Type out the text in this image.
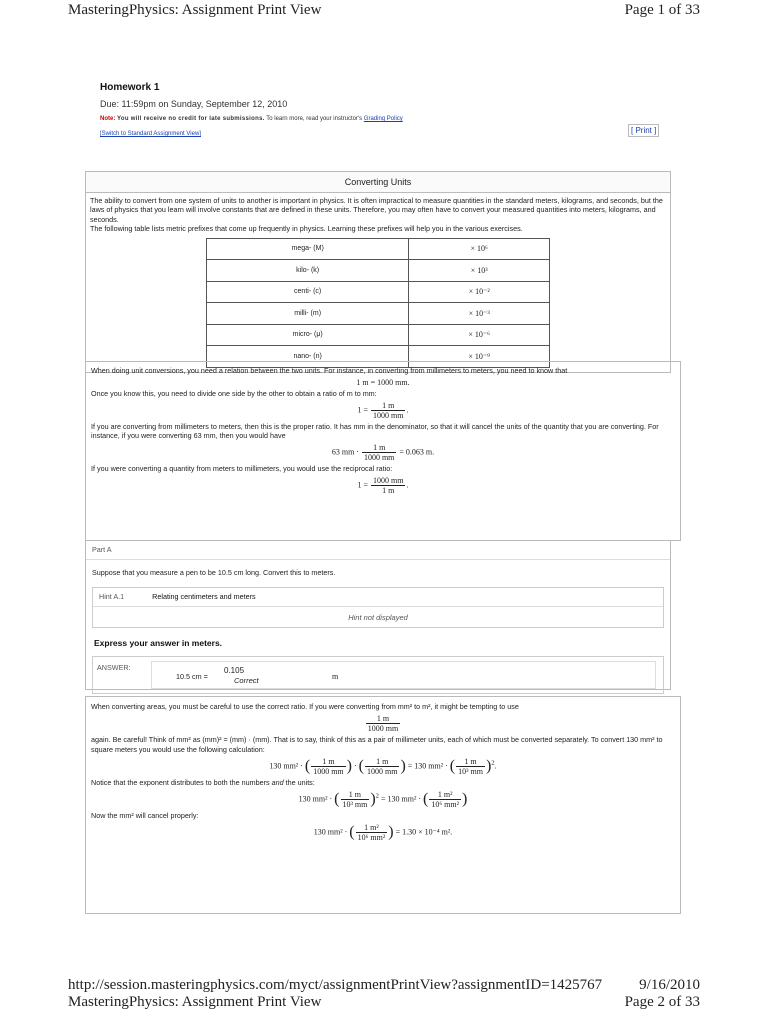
MasteringPhysics: Assignment Print View	Page 1 of 33
Homework 1
Due: 11:59pm on Sunday, September 12, 2010
Note: You will receive no credit for late submissions. To learn more, read your instructor's Grading Policy
[Switch to Standard Assignment View]	[ Print ]
Converting Units
The ability to convert from one system of units to another is important in physics. It is often impractical to measure quantities in the standard meters, kilograms, and seconds, but the laws of physics that you learn will involve constants that are defined in these units. Therefore, you may often have to convert your measured quantities into meters, kilograms, and seconds.
The following table lists metric prefixes that come up frequently in physics. Learning these prefixes will help you in the various exercises.
mega- (M)	× 10⁶
kilo- (k)	× 10³
centi- (c)	× 10⁻²
milli- (m)	× 10⁻³
micro- (μ)	× 10⁻⁶
nano- (n)	× 10⁻⁹

When doing unit conversions, you need a relation between the two units. For instance, in converting from millimeters to meters, you need to know that

1 m = 1000 mm.

Once you know this, you need to divide one side by the other to obtain a ratio of m to mm:

$1 = \frac{1 m}{1000 mm}$ .

If you are converting from millimeters to meters, then this is the proper ratio. It has mm in the denominator, so that it will cancel the units of the quantity that you are converting. For instance, if you were converting 63 mm, then you would have

63 mm · $\frac{1 m}{1000 mm} = 0.063$ m.

If you were converting a quantity from meters to millimeters, you would use the reciprocal ratio:

$1 = \frac{1000 mm}{1 m}$ .
Part A
Suppose that you measure a pen to be 10.5 cm long. Convert this to meters.
Hint A.1	Relating centimeters and meters
Hint not displayed
Express your answer in meters.
ANSWER:
10.5 cm =
0.105
Correct	m

When converting areas, you must be careful to use the correct ratio. If you were converting from mm² to m², it might be tempting to use

$\frac{1 m}{1000 mm}$

again. Be careful! Think of mm² as (mm)² = (mm) · (mm). That is to say, think of this as a pair of millimeter units, each of which must be converted separately. To convert 130 mm² to square meters you would use the following calculation:

130 mm² · ( $\frac{1 m}{1000 mm}$ ) · ( $\frac{1 m}{1000 mm}$ ) = 130 mm² · ( $\frac{1 m}{\text{10³ mm}} )^2$.

Notice that the exponent distributes to both the numbers and the units:

130 mm² · ( $\frac{1 m}{\text{10³ mm}} )^2 = 130$ mm² · ( $\frac{\text{1 m²}}{\text{10⁶ mm²}}$ )

Now the mm² will cancel properly:

130 mm² · ( $\frac{\text{1 m²}}{\text{10⁶ mm²}}$ ) = 1.30 × 10⁻⁴ m².
http://session.masteringphysics.com/myct/assignmentPrintView?assignmentID=1425767 9/16/2010
MasteringPhysics: Assignment Print View	Page 2 of 33
